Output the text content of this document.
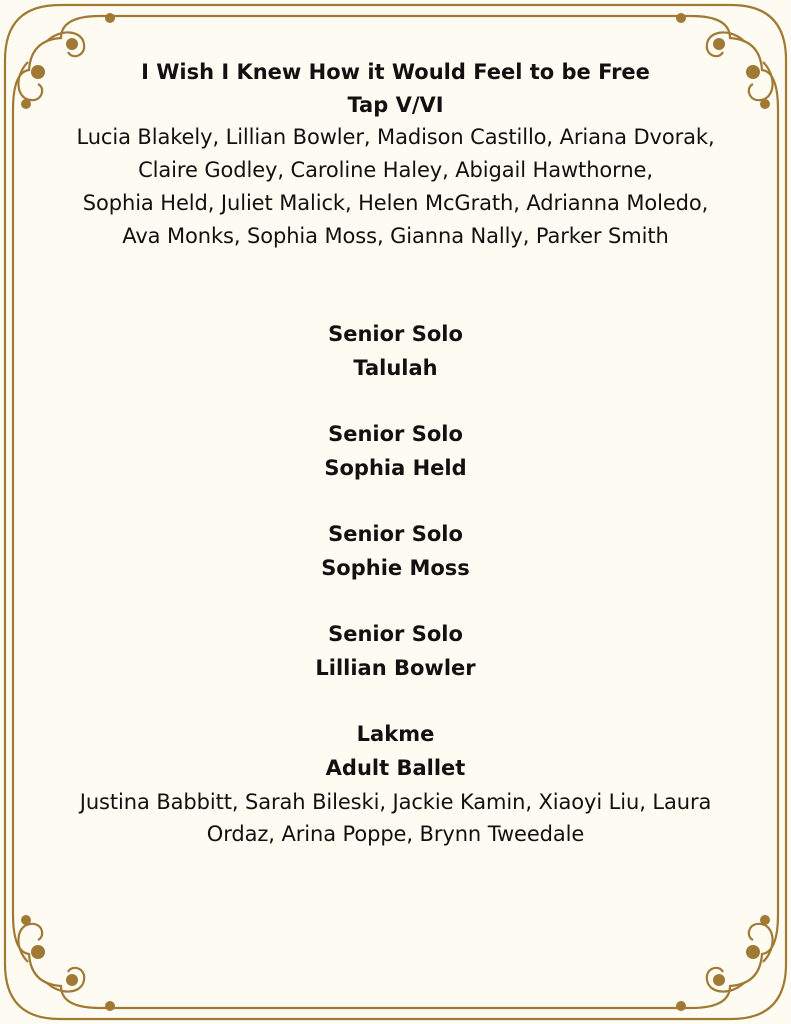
I Wish I Knew How it Would Feel to be Free
Tap V/VI
Lucia Blakely, Lillian Bowler, Madison Castillo, Ariana Dvorak,
Claire Godley, Caroline Haley, Abigail Hawthorne,
Sophia Held, Juliet Malick, Helen McGrath, Adrianna Moledo,
Ava Monks, Sophia Moss, Gianna Nally, Parker Smith
Senior Solo
Talulah
Senior Solo
Sophia Held
Senior Solo
Sophie Moss
Senior Solo
Lillian Bowler
Lakme
Adult Ballet
Justina Babbitt, Sarah Bileski, Jackie Kamin, Xiaoyi Liu, Laura
Ordaz, Arina Poppe, Brynn Tweedale
